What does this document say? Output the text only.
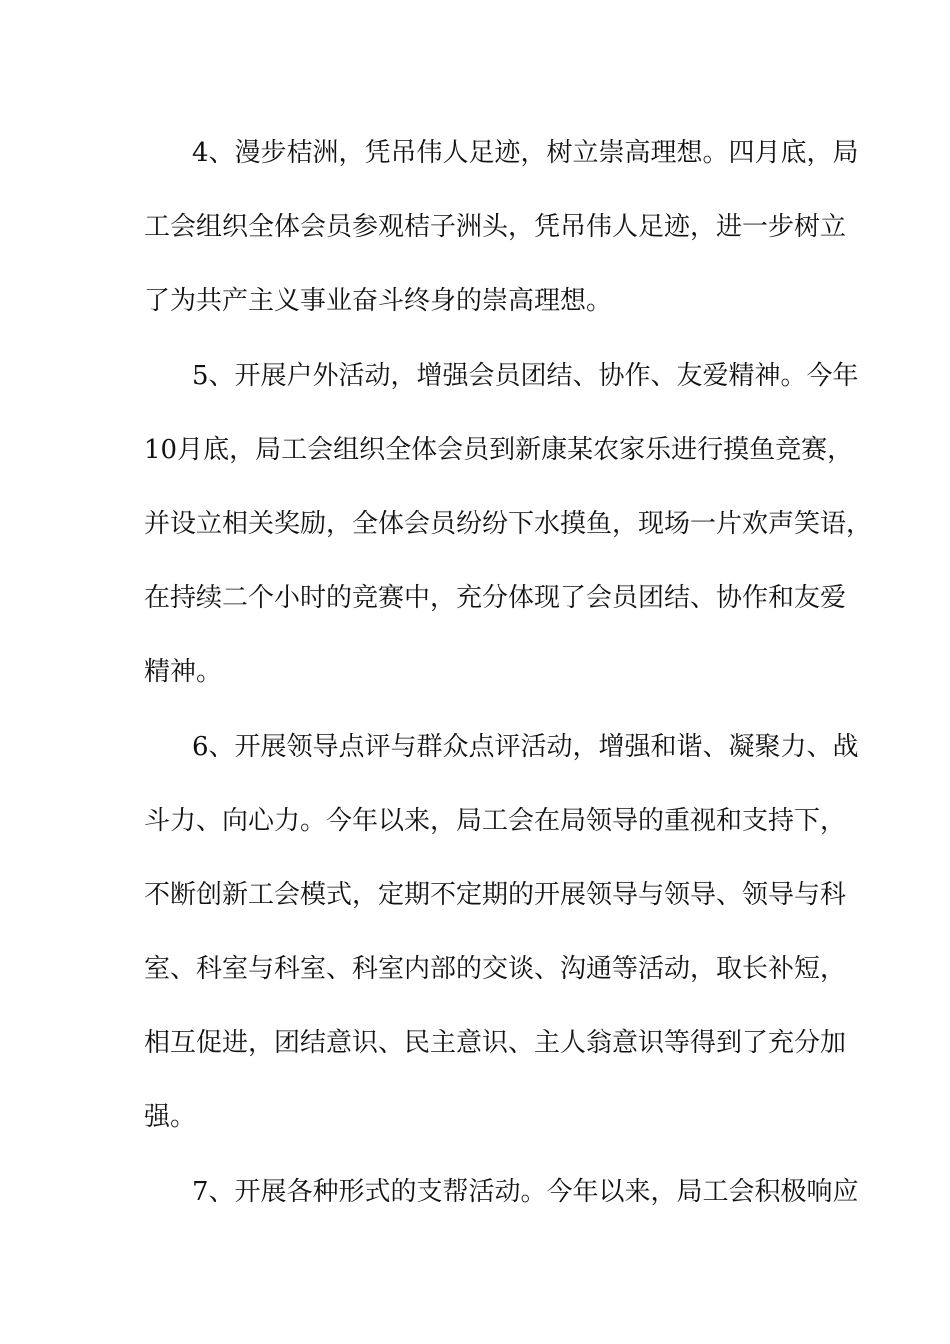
4、漫步桔洲，凭吊伟人足迹，树立崇高理想。四月底，局
工会组织全体会员参观桔子洲头，凭吊伟人足迹，进一步树立
了为共产主义事业奋斗终身的崇高理想。
5、开展户外活动，增强会员团结、协作、友爱精神。今年
10月底，局工会组织全体会员到新康某农家乐进行摸鱼竞赛，
并设立相关奖励，全体会员纷纷下水摸鱼，现场一片欢声笑语，
在持续二个小时的竞赛中，充分体现了会员团结、协作和友爱
精神。
6、开展领导点评与群众点评活动，增强和谐、凝聚力、战
斗力、向心力。今年以来，局工会在局领导的重视和支持下，
不断创新工会模式，定期不定期的开展领导与领导、领导与科
室、科室与科室、科室内部的交谈、沟通等活动，取长补短，
相互促进，团结意识、民主意识、主人翁意识等得到了充分加
强。
7、开展各种形式的支帮活动。今年以来，局工会积极响应
